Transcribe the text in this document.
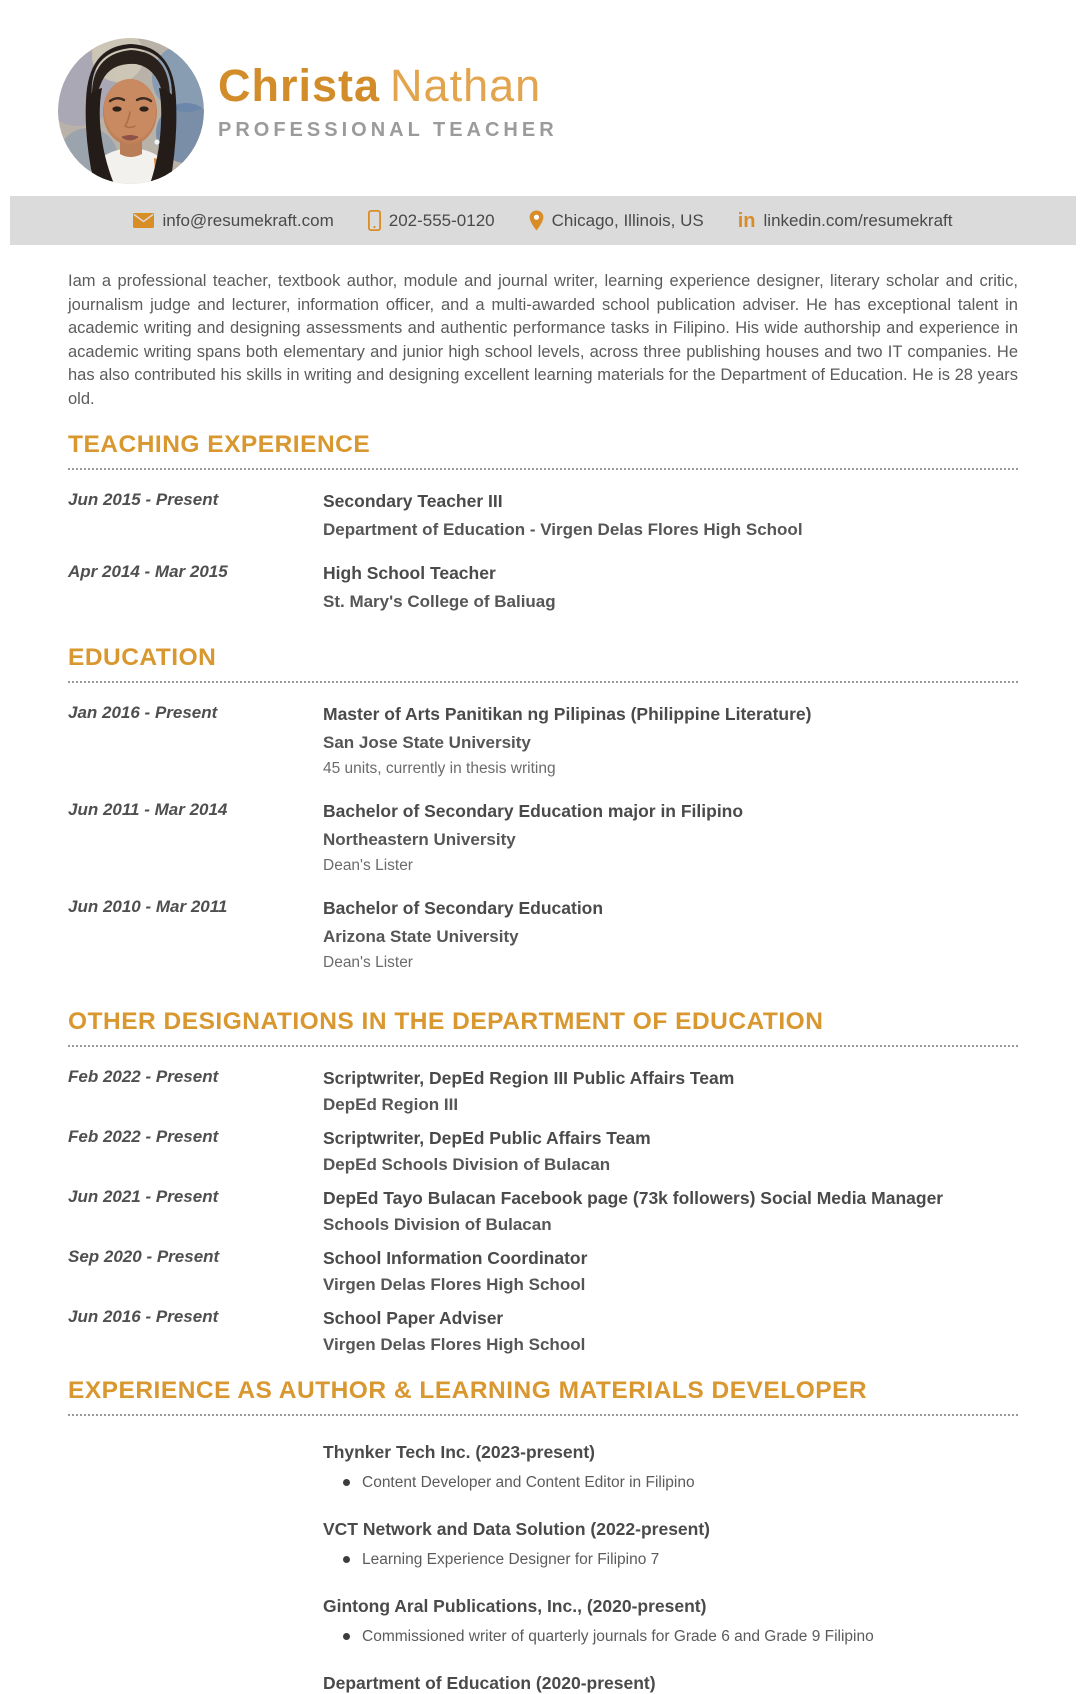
Christa Nathan
PROFESSIONAL TEACHER
info@resumekraft.com	202-555-0120	Chicago, Illinois, US in linkedin.com/resumekraft

Iam a professional teacher, textbook author, module and journal writer, learning experience designer, literary scholar and critic, journalism judge and lecturer, information officer, and a multi-awarded school publication adviser. He has exceptional talent in academic writing and designing assessments and authentic performance tasks in Filipino. His wide authorship and experience in academic writing spans both elementary and junior high school levels, across three publishing houses and two IT companies. He has also contributed his skills in writing and designing excellent learning materials for the Department of Education. He is 28 years old.

TEACHING EXPERIENCE
Jun 2015 - Present	Secondary Teacher III
Department of Education - Virgen Delas Flores High School
Apr 2014 - Mar 2015	High School Teacher
St. Mary's College of Baliuag
EDUCATION
Jan 2016 - Present	Master of Arts Panitikan ng Pilipinas (Philippine Literature)
San Jose State University
45 units, currently in thesis writing
Jun 2011 - Mar 2014	Bachelor of Secondary Education major in Filipino
Northeastern University
Dean's Lister
Jun 2010 - Mar 2011	Bachelor of Secondary Education
Arizona State University
Dean's Lister
OTHER DESIGNATIONS IN THE DEPARTMENT OF EDUCATION
Feb 2022 - Present	Scriptwriter, DepEd Region III Public Affairs Team
DepEd Region III
Feb 2022 - Present	Scriptwriter, DepEd Public Affairs Team
DepEd Schools Division of Bulacan
Jun 2021 - Present	DepEd Tayo Bulacan Facebook page (73k followers) Social Media Manager
Schools Division of Bulacan
Sep 2020 - Present	School Information Coordinator
Virgen Delas Flores High School
Jun 2016 - Present	School Paper Adviser
Virgen Delas Flores High School
EXPERIENCE AS AUTHOR & LEARNING MATERIALS DEVELOPER
Thynker Tech Inc. (2023-present)
Content Developer and Content Editor in Filipino
VCT Network and Data Solution (2022-present)
Learning Experience Designer for Filipino 7
Gintong Aral Publications, Inc., (2020-present)
Commissioned writer of quarterly journals for Grade 6 and Grade 9 Filipino
Department of Education (2020-present)
